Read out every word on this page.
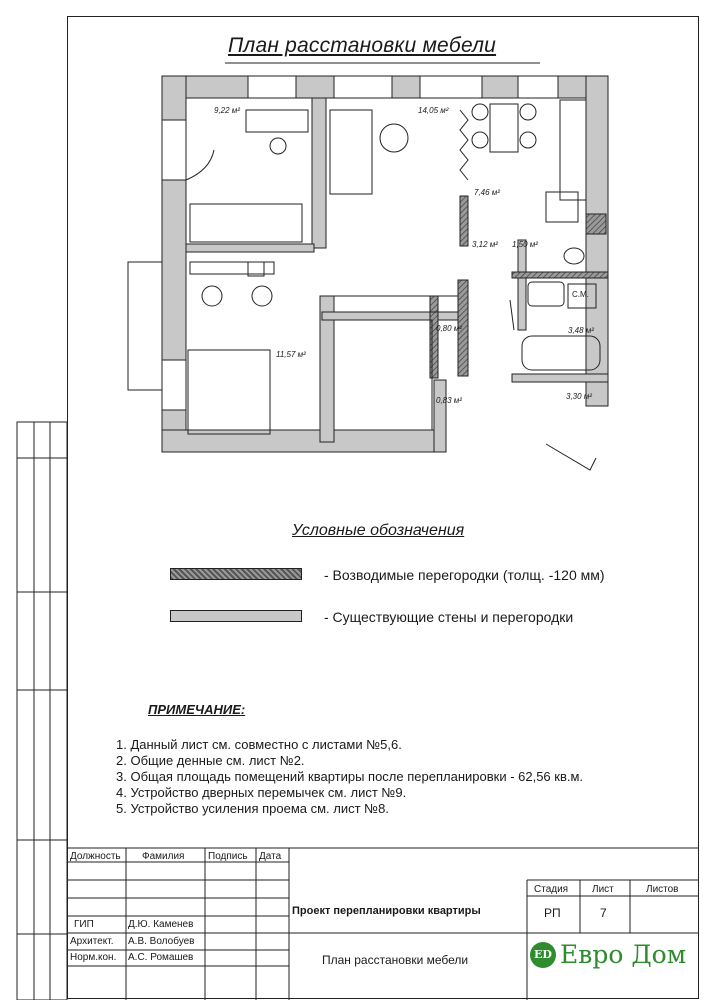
План расстановки мебели
9,22 м²	14,05 м²
7,46 м²
3,12 м² 1,50 м²
11,57 м²
0,80 м²	3,48 м²
0,83 м²	3,30 м²
С.М.
Условные обозначения
- Возводимые перегородки (толщ. -120 мм)
- Существующие стены и перегородки
ПРИМЕЧАНИЕ:
1. Данный лист см. совместно с листами №5,6.
2. Общие денные см. лист №2.
3. Общая площадь помещений квартиры после перепланировки - 62,56 кв.м.
4. Устройство дверных перемычек см. лист №9.
5. Устройство усиления проема см. лист №8.
Должность Фамилия Подпись Дата
ГИП	Д.Ю. Каменев
Архитект. А.В. Волобуев
Норм.кон. А.С. Ромашев
Проект перепланировки квартиры
План расстановки мебели
Стадия Лист	Листов
РП	7
ED Евро Дом
